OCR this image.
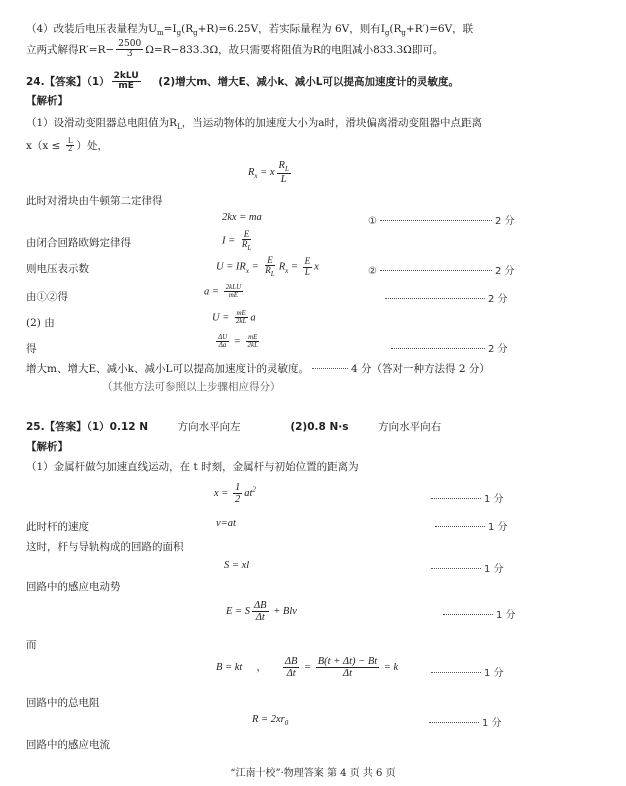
（4）改装后电压表量程为$U_m=I_g(R_g+R)=6.25V$，若实际量程为 6V，则有$I_g(R_g+R')=6V$，联
立两式解得$R'=R- \frac{2500}{3} \Omega=R-833.3\Omega$，故只需要将阻值为R的电阻减小833.3Ω即可。
24.【答案】$(1) \frac{\text{2kLU}}{mE} (2)$增大m、增大E、减小k、减小L可以提高加速度计的灵敏度。
【解析】
（1）设滑动变阻器总电阻值为$R_L$，当运动物体的加速度大小为a时，滑块偏离滑动变阻器中点距离
$x(x \le \frac{L}{2}$ ）处，
$R_x = x \frac{R_L}{L}$
此时对滑块由牛顿第二定律得
2kx = ma	①	2 分
由闭合回路欧姆定律得	$I = \frac{E}{R_L}$
则电压表示数	$U = IR_x = \frac{E}{R_L} R_x = \frac{E}{L}$ x	②	2 分
由①②得	$a = \frac{\text{2kLU}}{mE}$	2 分
(2) 由	$U = \frac{mE}{2kL}$ a
得	$\frac{\Delta U}{\Delta a} = \frac{mE}{2kL}$	2 分
增大m、增大E、减小k、减小L可以提高加速度计的灵敏度。	4 分（答对一种方法得 2 分）
（其他方法可参照以上步骤相应得分）
25.【答案】（1）0.12 N	方向水平向左	(2)0.8 N·s	方向水平向右
【解析】
（1）金属杆做匀加速直线运动，在 t 时刻，金属杆与初始位置的距离为
$x = \frac{1}{2} at^2$
1 分
此时杆的速度	v=at	1 分
这时，杆与导轨构成的回路的面积
S = xl	1 分
回路中的感应电动势
E = S $\frac{\Delta B}{\Delta t}$ + Blv	1 分
而
B = kt ， $\frac{\Delta B}{\Delta t} = \frac{B(t + \Delta t) - Bt}{\Delta t} = k$
1 分
回路中的总电阻
$R = 2xr_0$	1 分
回路中的感应电流
“江南十校”·物理答案 第 4 页 共 6 页
